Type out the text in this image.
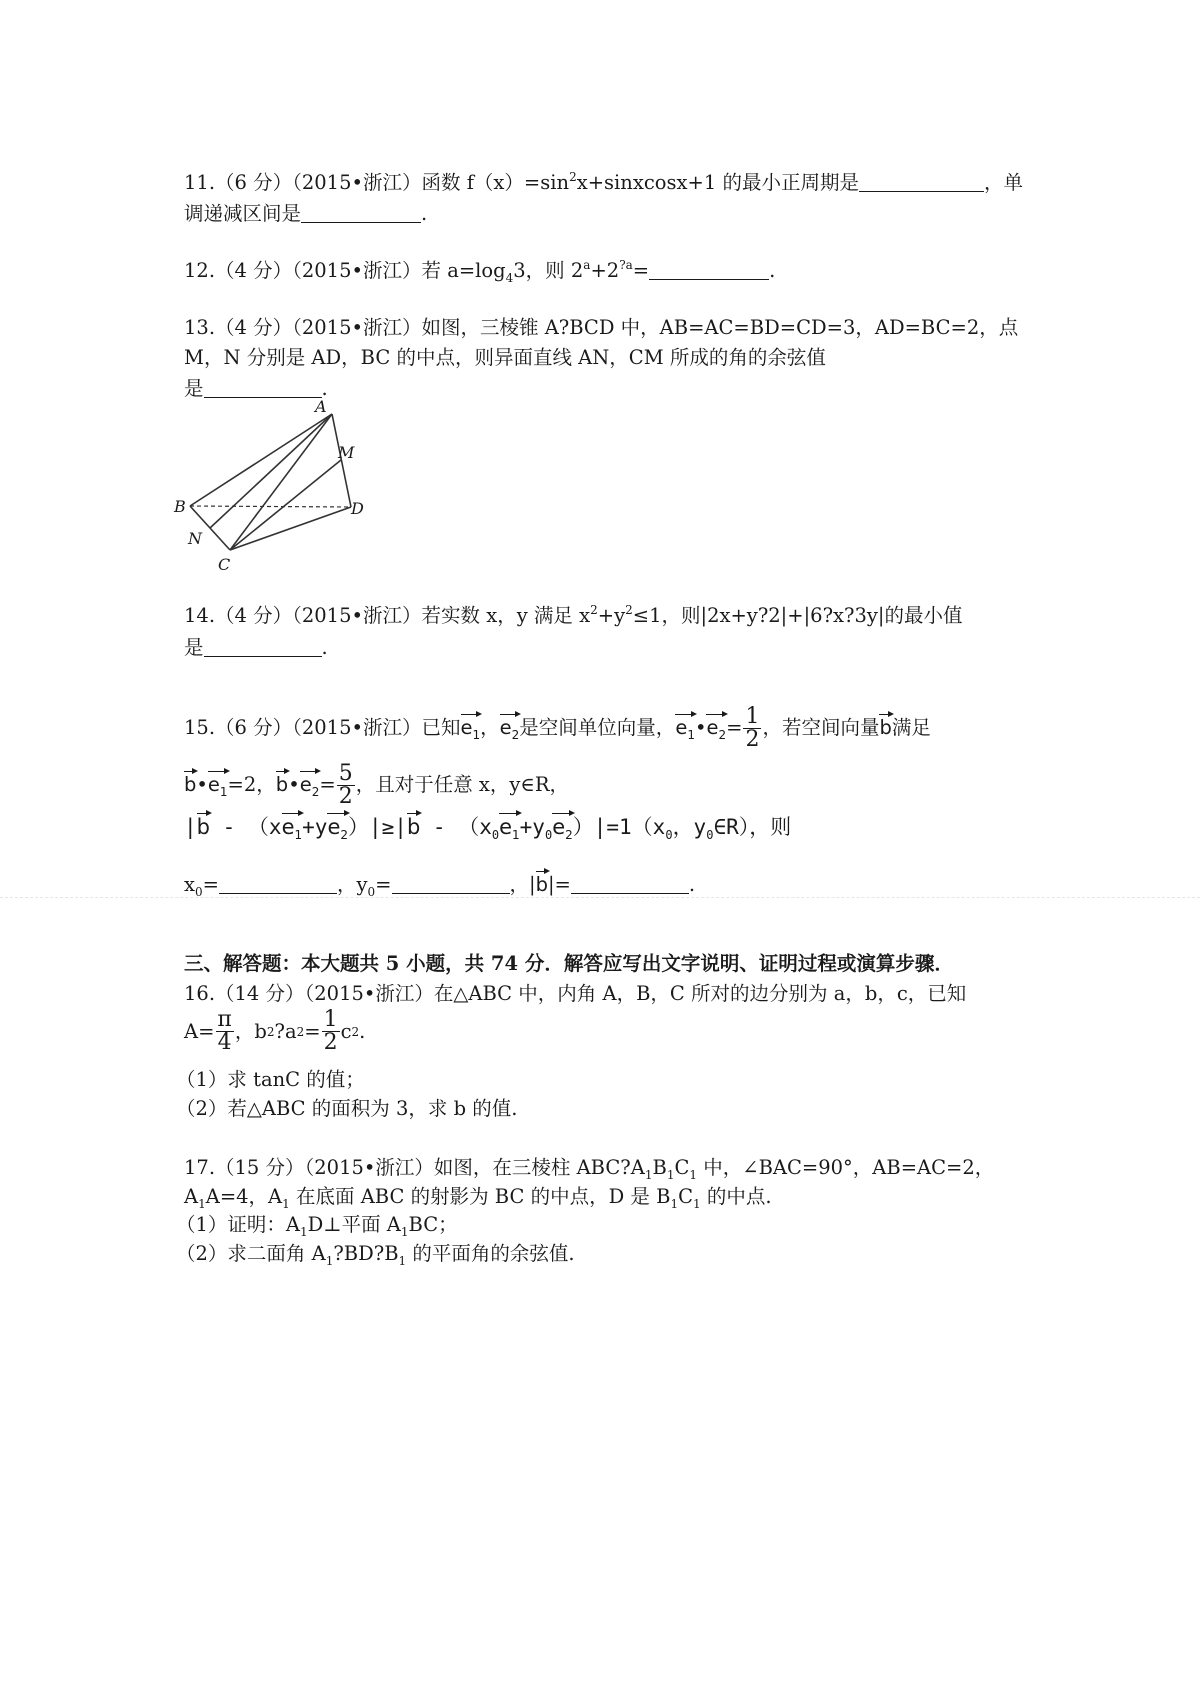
11.（6 分）（2015•浙江）函数 $f(x)=\sin^2x+sinxcosx+1$ 的最小正周期是	，单
调递减区间是	.
12.（4 分）（2015•浙江）若 $a=\log_43$，则 $2^a+2^{?a}=$	.
13.（4 分）（2015•浙江）如图，三棱锥 A?BCD 中，AB=AC=BD=CD=3，AD=BC=2，点
M，N 分别是 AD，BC 的中点，则异面直线 AN，CM 所成的角的余弦值
是	.
A
M
B	D
N
C
14.（4 分）（2015•浙江）若实数 x，y 满足 $x^2+y^2\le 1$，则|2x+y?2|+|6?x?3y|的最小值
是	.
15.（6 分）（2015•浙江）已知$e_1$，$e_2$是空间单位向量，$e_1•e_2= \frac{1}{2}$ ，若空间向量b满足
$b•e_1=2$，$b•e_2= \frac{5}{2}$ ，且对于任意 x，y∈R，
$|b - (xe_1+ye_2)|\ge|b - (x_0e_1+y_0e_2)|=1(x_0$，$y_0\in R$），则
$x_0=$	，$y_0=$	，|b|=	.
三、解答题：本大题共 5 小题，共 74 分．解答应写出文字说明、证明过程或演算步骤．
16.（14 分）（2015•浙江）在△ABC 中，内角 A，B，C 所对的边分别为 a，b，c，已知
$A= \frac{\pi}{4}$ ，b 2 ?a $2 = \frac{1}{2}$ c 2 .
（1）求 tanC 的值；
（2）若△ABC 的面积为 3，求 b 的值.
17.（15 分）（2015•浙江）如图，在三棱柱 $ABC?A_1B_1C_1$ 中，∠BAC=90°，AB=AC=2，
$A_1A=4$，$A_1$ 在底面 ABC 的射影为 BC 的中点，D 是 $B_1C_1$ 的中点.
（1）证明：$A_1D\perp$平面 $A_1BC$；
（2）求二面角 $A_1?BD?B_1$ 的平面角的余弦值.
